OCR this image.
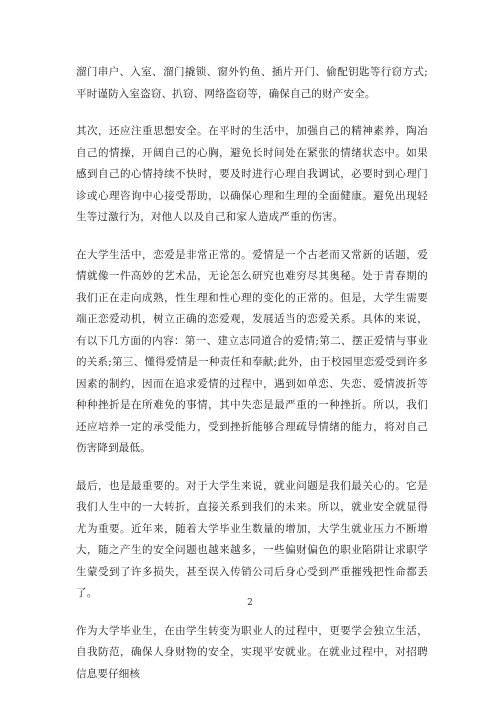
溜门串户、入室、溜门撬锁、窗外钓鱼、插片开门、偷配钥匙等行窃方式;平时谨防入室盗窃、扒窃、网络盗窃等，确保自己的财产安全。

其次，还应注重思想安全。在平时的生活中，加强自己的精神素养，陶冶自己的情操，开阔自己的心胸，避免长时间处在紧张的情绪状态中。如果感到自己的心情持续不快时，要及时进行心理自我调试，必要时到心理门诊或心理咨询中心接受帮助，以确保心理和生理的全面健康。避免出现轻生等过激行为，对他人以及自己和家人造成严重的伤害。

在大学生活中，恋爱是非常正常的。爱情是一个古老而又常新的话题，爱情就像一件高妙的艺术品，无论怎么研究也难穷尽其奥秘。处于青春期的我们正在走向成熟，性生理和性心理的变化的正常的。但是，大学生需要端正恋爱动机，树立正确的恋爱观，发展适当的恋爱关系。具体的来说，有以下几方面的内容：第一、建立志同道合的爱情;第二、摆正爱情与事业的关系;第三、懂得爱情是一种责任和奉献;此外，由于校园里恋爱受到许多因素的制约，因而在追求爱情的过程中，遇到如单恋、失恋、爱情波折等种种挫折是在所难免的事情，其中失恋是最严重的一种挫折。所以，我们还应培养一定的承受能力，受到挫折能够合理疏导情绪的能力，将对自己伤害降到最低。

最后，也是最重要的。对于大学生来说，就业问题是我们最关心的。它是我们人生中的一大转折，直接关系到我们的未来。所以，就业安全就显得尤为重要。近年来，随着大学毕业生数量的增加，大学生就业压力不断增大，随之产生的安全问题也越来越多，一些偏财偏色的职业陷阱让求职学生蒙受到了许多损失，甚至误入传销公司后身心受到严重摧残把性命都丢了。

作为大学毕业生，在由学生转变为职业人的过程中，更要学会独立生活，自我防范，确保人身财物的安全，实现平安就业。在就业过程中，对招聘信息要仔细核

2
